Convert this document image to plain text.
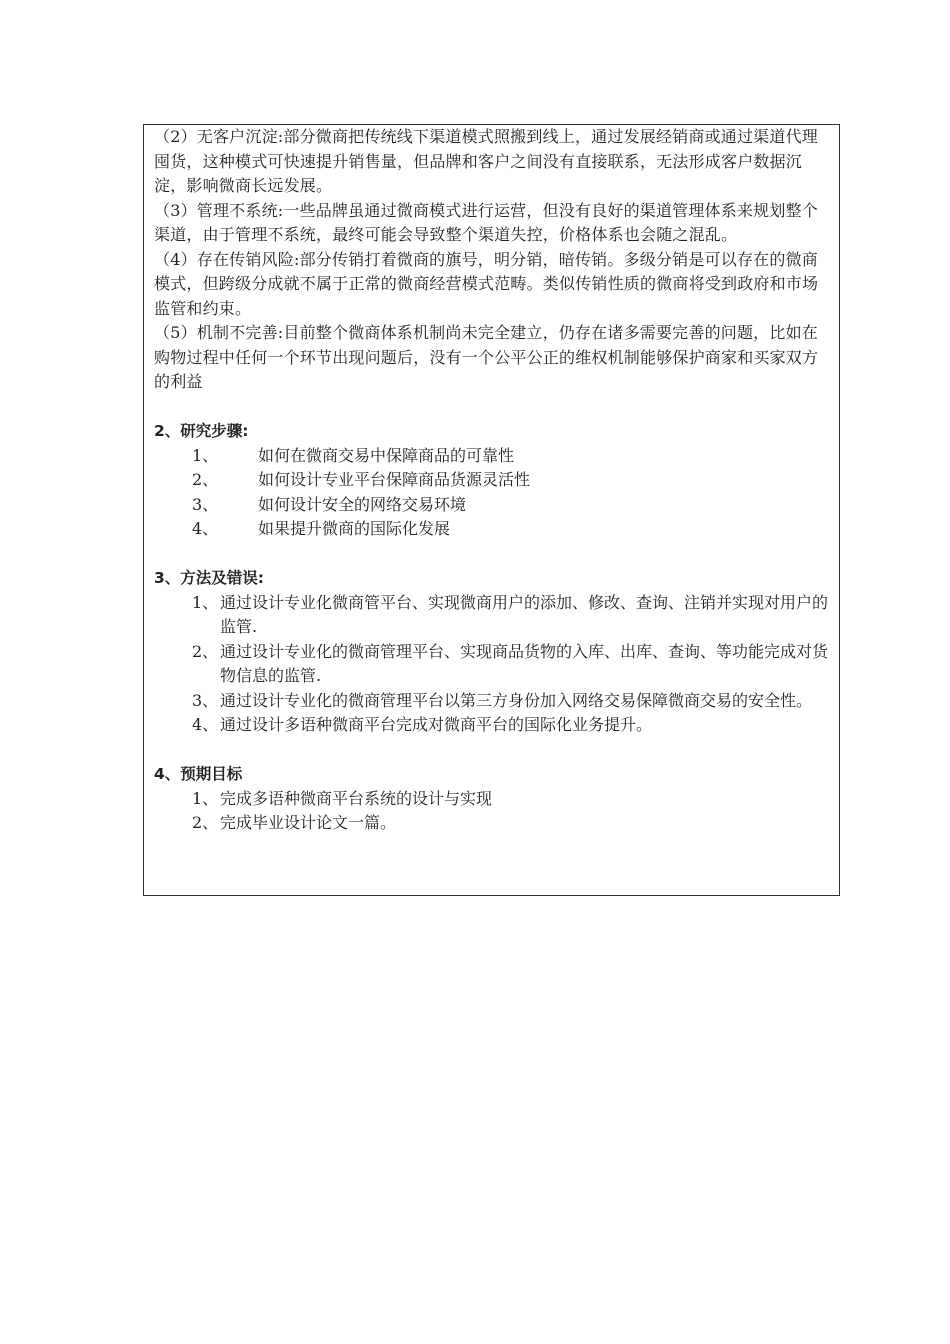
（2）无客户沉淀:部分微商把传统线下渠道模式照搬到线上，通过发展经销商或通过渠道代理囤货，这种模式可快速提升销售量，但品牌和客户之间没有直接联系，无法形成客户数据沉淀，影响微商长远发展。

（3）管理不系统:一些品牌虽通过微商模式进行运营，但没有良好的渠道管理体系来规划整个渠道，由于管理不系统，最终可能会导致整个渠道失控，价格体系也会随之混乱。

（4）存在传销风险:部分传销打着微商的旗号，明分销，暗传销。多级分销是可以存在的微商模式，但跨级分成就不属于正常的微商经营模式范畴。类似传销性质的微商将受到政府和市场监管和约束。

（5）机制不完善:目前整个微商体系机制尚未完全建立，仍存在诸多需要完善的问题，比如在购物过程中任何一个环节出现问题后，没有一个公平公正的维权机制能够保护商家和买家双方的利益

2、研究步骤:

1、	如何在微商交易中保障商品的可靠性
2、	如何设计专业平台保障商品货源灵活性
3、	如何设计安全的网络交易环境
4、	如果提升微商的国际化发展

3、方法及错误:

1、 通过设计专业化微商管平台、实现微商用户的添加、修改、查询、注销并实现对用户的监管.
2、 通过设计专业化的微商管理平台、实现商品货物的入库、出库、查询、等功能完成对货物信息的监管.
3、 通过设计专业化的微商管理平台以第三方身份加入网络交易保障微商交易的安全性。
4、 通过设计多语种微商平台完成对微商平台的国际化业务提升。

4、预期目标

1、 完成多语种微商平台系统的设计与实现
2、 完成毕业设计论文一篇。
